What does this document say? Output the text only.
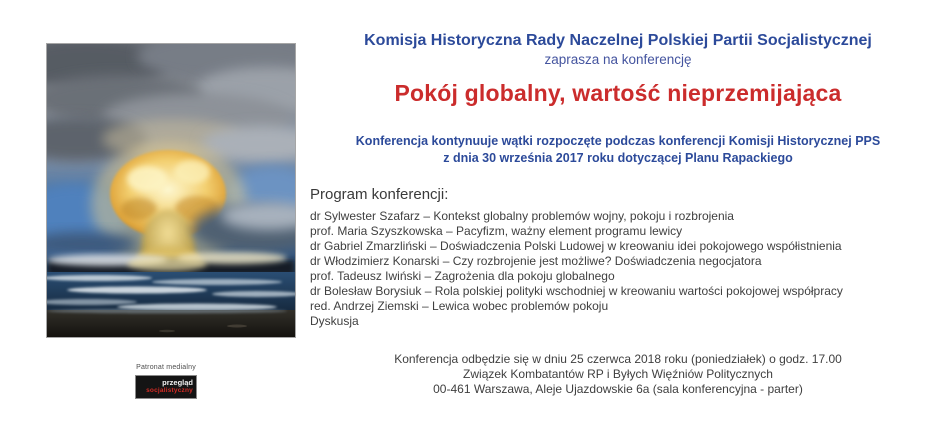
Patronat medialny
przegląd
socjalistyczny
Komisja Historyczna Rady Naczelnej Polskiej Partii Socjalistycznej
zaprasza na konferencję
Pokój globalny, wartość nieprzemijająca
Konferencja kontynuuje wątki rozpoczęte podczas konferencji Komisji Historycznej PPS
z dnia 30 września 2017 roku dotyczącej Planu Rapackiego
Program konferencji:
dr Sylwester Szafarz – Kontekst globalny problemów wojny, pokoju i rozbrojenia
prof. Maria Szyszkowska – Pacyfizm, ważny element programu lewicy
dr Gabriel Zmarzliński – Doświadczenia Polski Ludowej w kreowaniu idei pokojowego współistnienia
dr Włodzimierz Konarski – Czy rozbrojenie jest możliwe? Doświadczenia negocjatora
prof. Tadeusz Iwiński – Zagrożenia dla pokoju globalnego
dr Bolesław Borysiuk – Rola polskiej polityki wschodniej w kreowaniu wartości pokojowej współpracy
red. Andrzej Ziemski – Lewica wobec problemów pokoju
Dyskusja
Konferencja odbędzie się w dniu 25 czerwca 2018 roku (poniedziałek) o godz. 17.00
Związek Kombatantów RP i Byłych Więźniów Politycznych
00-461 Warszawa, Aleje Ujazdowskie 6a (sala konferencyjna - parter)
